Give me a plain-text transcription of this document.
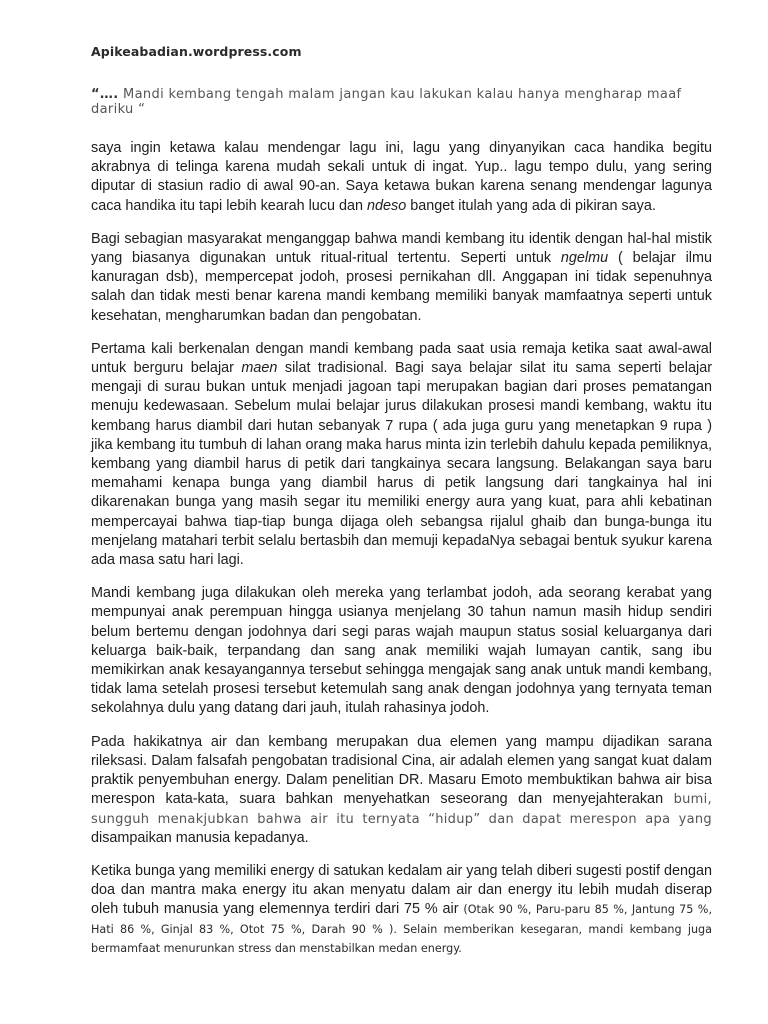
Apikeabadian.wordpress.com
“…. Mandi kembang tengah malam jangan kau lakukan kalau hanya mengharap maaf dariku “

saya ingin ketawa kalau mendengar lagu ini, lagu yang dinyanyikan caca handika begitu akrabnya di telinga karena mudah sekali untuk di ingat. Yup.. lagu tempo dulu, yang sering diputar di stasiun radio di awal 90-an. Saya ketawa bukan karena senang mendengar lagunya caca handika itu tapi lebih kearah lucu dan ndeso banget itulah yang ada di pikiran saya.

Bagi sebagian masyarakat menganggap bahwa mandi kembang itu identik dengan hal-hal mistik yang biasanya digunakan untuk ritual-ritual tertentu. Seperti untuk ngelmu ( belajar ilmu kanuragan dsb), mempercepat jodoh, prosesi pernikahan dll. Anggapan ini tidak sepenuhnya salah dan tidak mesti benar karena mandi kembang memiliki banyak mamfaatnya seperti untuk kesehatan, mengharumkan badan dan pengobatan.

Pertama kali berkenalan dengan mandi kembang pada saat usia remaja ketika saat awal-awal untuk berguru belajar maen silat tradisional. Bagi saya belajar silat itu sama seperti belajar mengaji di surau bukan untuk menjadi jagoan tapi merupakan bagian dari proses pematangan menuju kedewasaan. Sebelum mulai belajar jurus dilakukan prosesi mandi kembang, waktu itu kembang harus diambil dari hutan sebanyak 7 rupa ( ada juga guru yang menetapkan 9 rupa ) jika kembang itu tumbuh di lahan orang maka harus minta izin terlebih dahulu kepada pemiliknya, kembang yang diambil harus di petik dari tangkainya secara langsung. Belakangan saya baru memahami kenapa bunga yang diambil harus di petik langsung dari tangkainya hal ini dikarenakan bunga yang masih segar itu memiliki energy aura yang kuat, para ahli kebatinan mempercayai bahwa tiap-tiap bunga dijaga oleh sebangsa rijalul ghaib dan bunga-bunga itu menjelang matahari terbit selalu bertasbih dan memuji kepadaNya sebagai bentuk syukur karena ada masa satu hari lagi.

Mandi kembang juga dilakukan oleh mereka yang terlambat jodoh, ada seorang kerabat yang mempunyai anak perempuan hingga usianya menjelang 30 tahun namun masih hidup sendiri belum bertemu dengan jodohnya dari segi paras wajah maupun status sosial keluarganya dari keluarga baik-baik, terpandang dan sang anak memiliki wajah lumayan cantik, sang ibu memikirkan anak kesayangannya tersebut sehingga mengajak sang anak untuk mandi kembang, tidak lama setelah prosesi tersebut ketemulah sang anak dengan jodohnya yang ternyata teman sekolahnya dulu yang datang dari jauh, itulah rahasinya jodoh.

Pada hakikatnya air dan kembang merupakan dua elemen yang mampu dijadikan sarana rileksasi. Dalam falsafah pengobatan tradisional Cina, air adalah elemen yang sangat kuat dalam praktik penyembuhan energy. Dalam penelitian DR. Masaru Emoto membuktikan bahwa air bisa merespon kata-kata, suara bahkan menyehatkan seseorang dan menyejahterakan bumi, sungguh menakjubkan bahwa air itu ternyata “hidup” dan dapat merespon apa yang disampaikan manusia kepadanya.

Ketika bunga yang memiliki energy di satukan kedalam air yang telah diberi sugesti postif dengan doa dan mantra maka energy itu akan menyatu dalam air dan energy itu lebih mudah diserap oleh tubuh manusia yang elemennya terdiri dari 75 % air (Otak 90 %, Paru-paru 85 %, Jantung 75 %, Hati 86 %, Ginjal 83 %, Otot 75 %, Darah 90 % ). Selain memberikan kesegaran, mandi kembang juga bermamfaat menurunkan stress dan menstabilkan medan energy.
